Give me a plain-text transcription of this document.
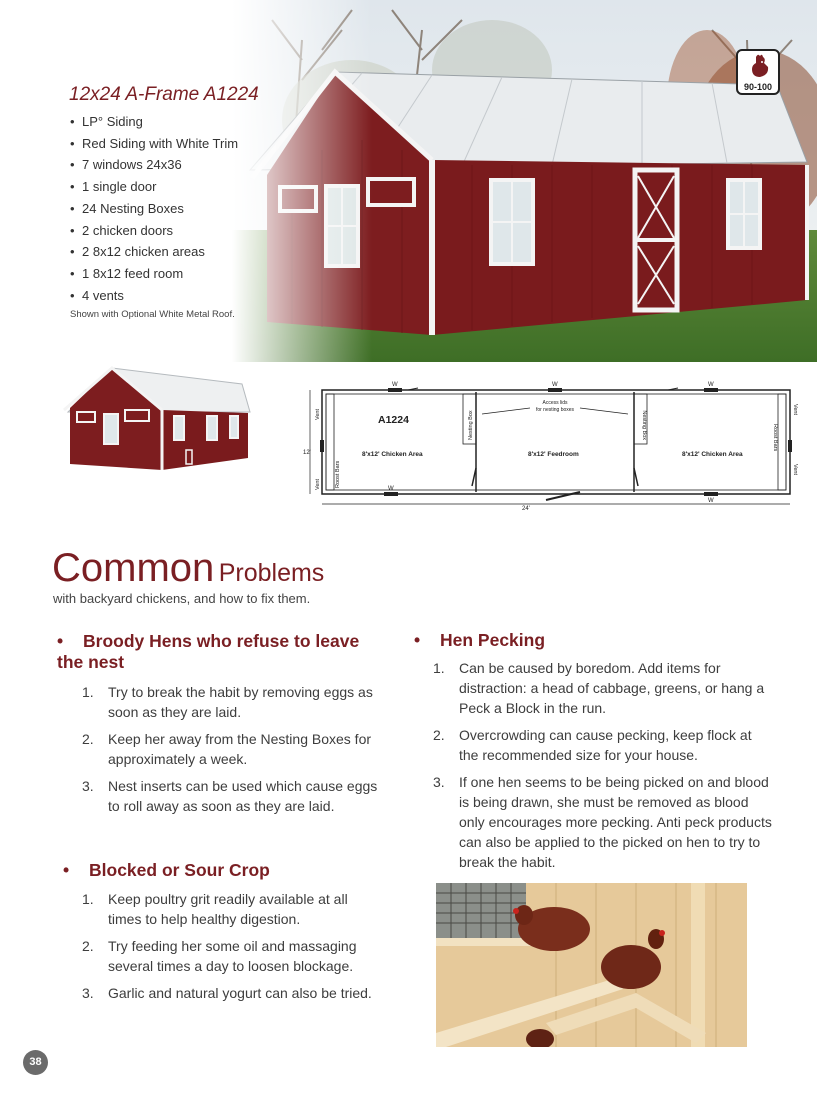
90-100
12x24 A-Frame A1224
• LP° Siding
• Red Siding with White Trim
• 7 windows 24x36
• 1 single door
• 24 Nesting Boxes
• 2 chicken doors
• 2 8x12 chicken areas
• 1 8x12 feed room
• 4 vents
Shown with Optional White Metal Roof.
A1224
8'x12' Chicken Area	8'x12' Feedroom	8'x12' Chicken Area
Access lids
for nesting boxes
Nesting Box	Nesting Box
Roost Bars
Roost Bars
Vent
Vent
Vent
Vent
W	W	W
W
W
12'
24'
Common Problems
with backyard chickens, and how to fix them.
• Broody Hens who refuse to leave the nest
1. Try to break the habit by removing eggs as soon as they are laid.
2. Keep her away from the Nesting Boxes for approximately a week.
3. Nest inserts can be used which cause eggs to roll away as soon as they are laid.
• Blocked or Sour Crop
1. Keep poultry grit readily available at all times to help healthy digestion.
2. Try feeding her some oil and massaging several times a day to loosen blockage.
3. Garlic and natural yogurt can also be tried.
• Hen Pecking
1. Can be caused by boredom. Add items for distraction: a head of cabbage, greens, or hang a Peck a Block in the run.
2. Overcrowding can cause pecking, keep flock at the recommended size for your house.
3. If one hen seems to be being picked on and blood is being drawn, she must be removed as blood only encourages more pecking. Anti peck products can also be applied to the picked on hen to try to break the habit.
38
